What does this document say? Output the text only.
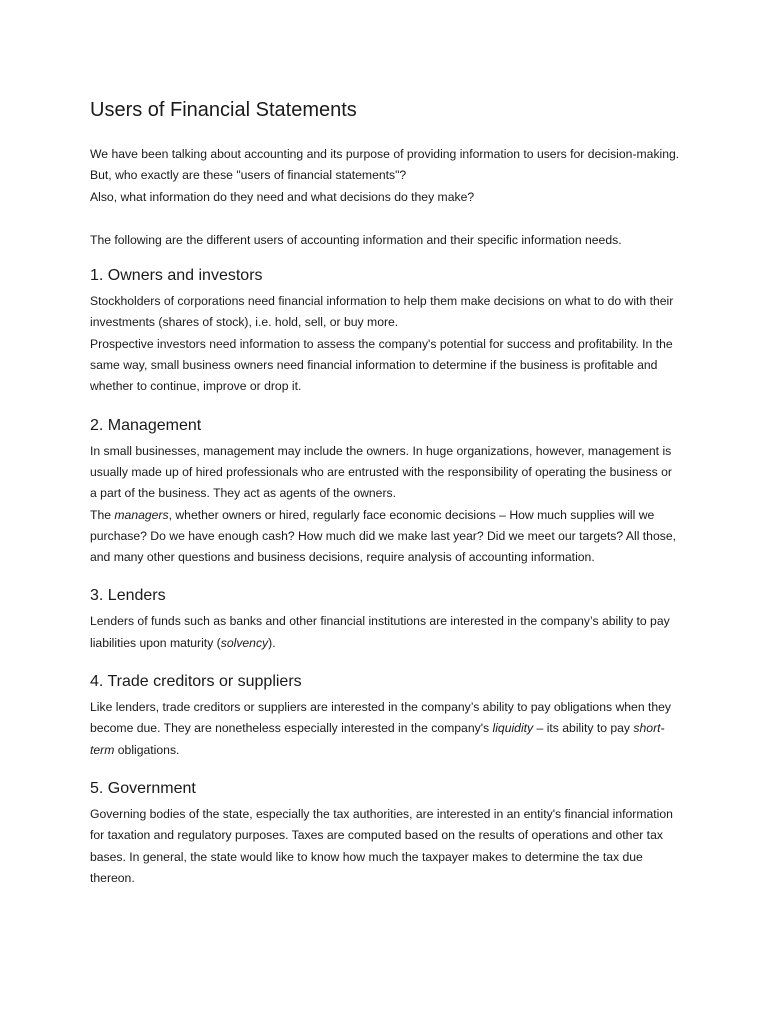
Users of Financial Statements

We have been talking about accounting and its purpose of providing information to users for decision-making. But, who exactly are these "users of financial statements"?

Also, what information do they need and what decisions do they make?

The following are the different users of accounting information and their specific information needs.

1. Owners and investors

Stockholders of corporations need financial information to help them make decisions on what to do with their investments (shares of stock), i.e. hold, sell, or buy more.

Prospective investors need information to assess the company's potential for success and profitability. In the same way, small business owners need financial information to determine if the business is profitable and whether to continue, improve or drop it.

2. Management

In small businesses, management may include the owners. In huge organizations, however, management is usually made up of hired professionals who are entrusted with the responsibility of operating the business or a part of the business. They act as agents of the owners.

The managers, whether owners or hired, regularly face economic decisions – How much supplies will we purchase? Do we have enough cash? How much did we make last year? Did we meet our targets? All those, and many other questions and business decisions, require analysis of accounting information.

3. Lenders

Lenders of funds such as banks and other financial institutions are interested in the company’s ability to pay liabilities upon maturity (solvency).

4. Trade creditors or suppliers

Like lenders, trade creditors or suppliers are interested in the company’s ability to pay obligations when they become due. They are nonetheless especially interested in the company's liquidity – its ability to pay short-term obligations.

5. Government

Governing bodies of the state, especially the tax authorities, are interested in an entity's financial information for taxation and regulatory purposes. Taxes are computed based on the results of operations and other tax bases. In general, the state would like to know how much the taxpayer makes to determine the tax due thereon.
